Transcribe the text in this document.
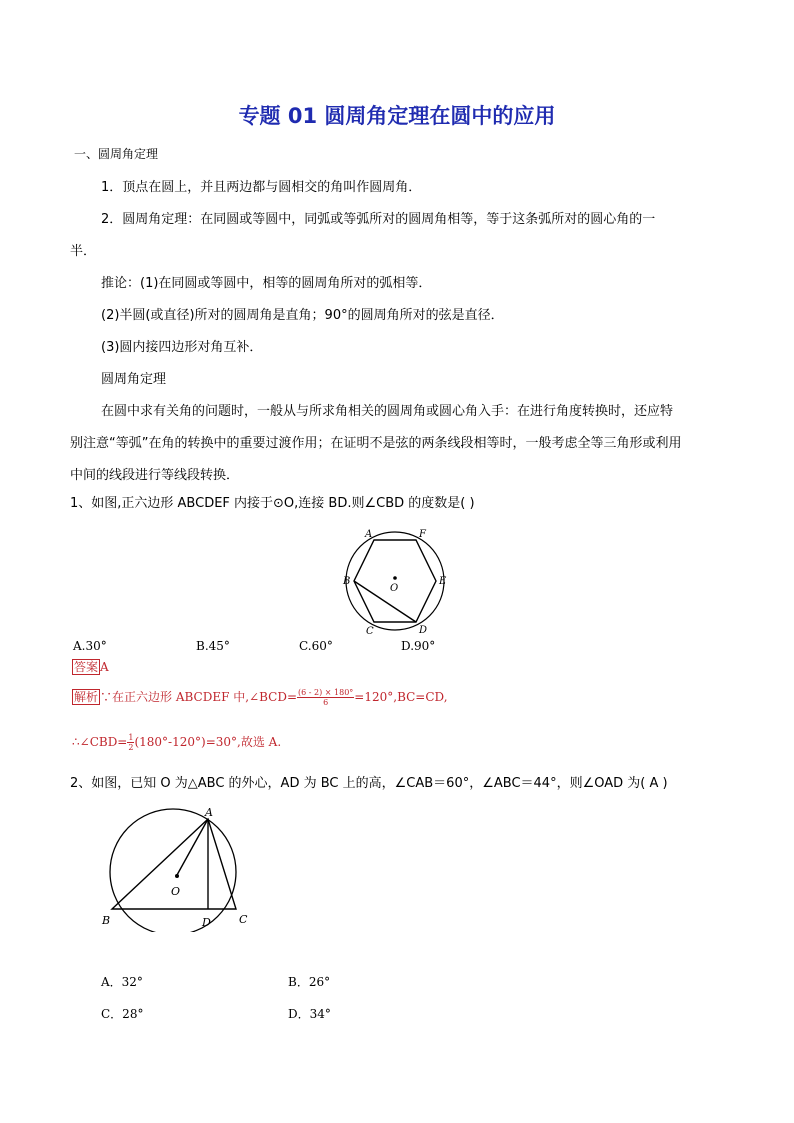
专题 01 圆周角定理在圆中的应用
一、圆周角定理
1．顶点在圆上，并且两边都与圆相交的角叫作圆周角．
2．圆周角定理：在同圆或等圆中，同弧或等弧所对的圆周角相等，等于这条弧所对的圆心角的一
半．
推论：(1)在同圆或等圆中，相等的圆周角所对的弧相等．
(2)半圆(或直径)所对的圆周角是直角；90°的圆周角所对的弦是直径．
(3)圆内接四边形对角互补．
圆周角定理
在圆中求有关角的问题时，一般从与所求角相关的圆周角或圆心角入手：在进行角度转换时，还应特
别注意“等弧”在角的转换中的重要过渡作用；在证明不是弦的两条线段相等时，一般考虑全等三角形或利用
中间的线段进行等线段转换．
1、如图,正六边形 ABCDEF 内接于⊙O,连接 BD.则∠CBD 的度数是( )
A	F
B	E
C	D
O
A.30°	B.45°	C.60°	D.90°
答案 A
解析 ∵在正六边形 ABCDEF 中,∠BCD= $\frac{(6 - 2) \times 180^\circ}{6} =120^\circ,BC=CD$,
∴∠CBD= $\frac{1}{2} (180^\circ-120^\circ)=30^\circ$,故选 A.
2、如图，已知 O 为△ABC 的外心，AD 为 BC 上的高，∠CAB＝60°，∠ABC＝44°，则∠OAD 为( A )
A
B	C
D
O
A．32°	B．26°
C．28°	D．34°
